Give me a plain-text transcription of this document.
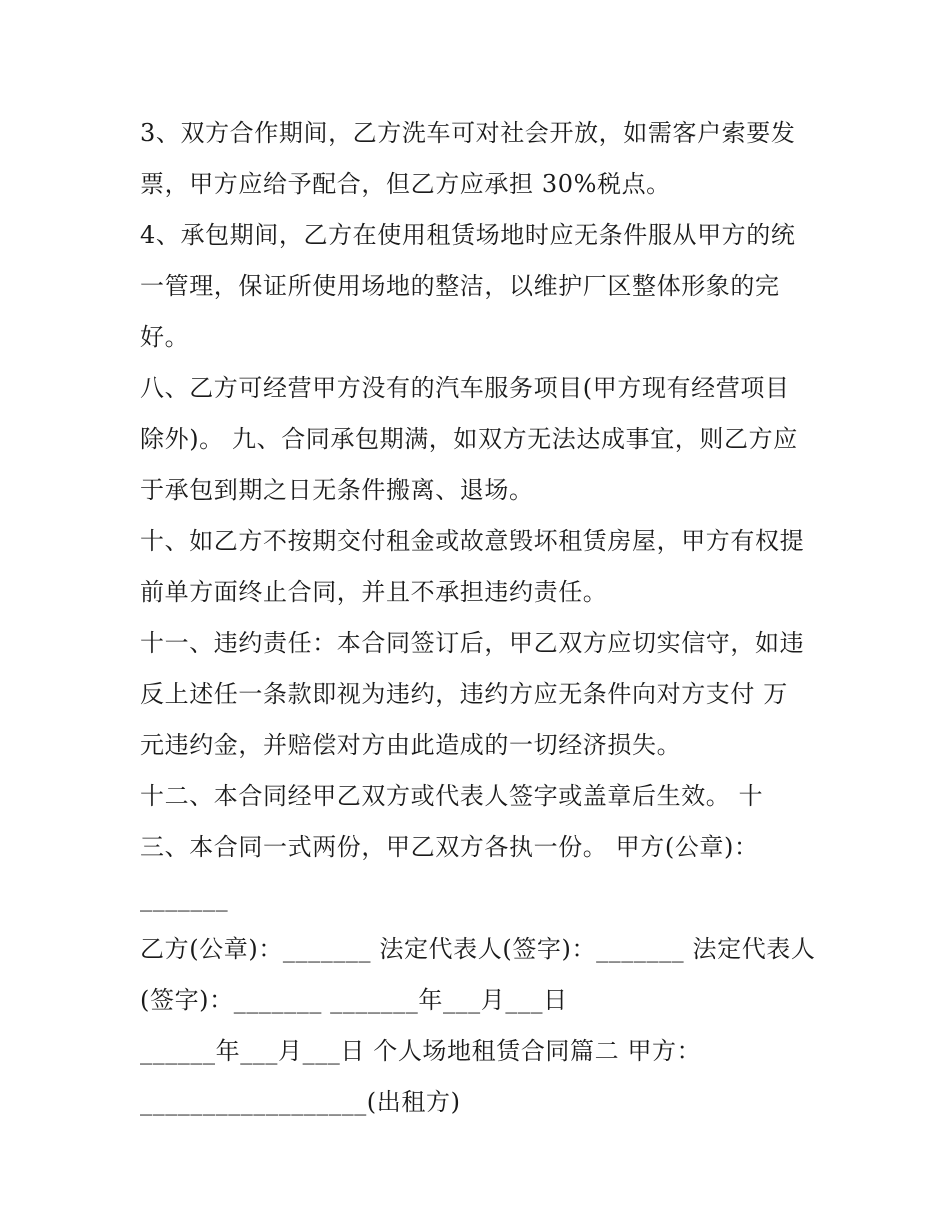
3、双方合作期间，乙方洗车可对社会开放，如需客户索要发
票，甲方应给予配合，但乙方应承担 30%税点。
4、承包期间，乙方在使用租赁场地时应无条件服从甲方的统
一管理，保证所使用场地的整洁，以维护厂区整体形象的完
好。
八、乙方可经营甲方没有的汽车服务项目(甲方现有经营项目
除外)。 九、合同承包期满，如双方无法达成事宜，则乙方应
于承包到期之日无条件搬离、退场。
十、如乙方不按期交付租金或故意毁坏租赁房屋，甲方有权提
前单方面终止合同，并且不承担违约责任。
十一、违约责任：本合同签订后，甲乙双方应切实信守，如违
反上述任一条款即视为违约，违约方应无条件向对方支付 万
元违约金，并赔偿对方由此造成的一切经济损失。
十二、本合同经甲乙双方或代表人签字或盖章后生效。 十
三、本合同一式两份，甲乙双方各执一份。 甲方(公章)：
_______
乙方(公章)：_______ 法定代表人(签字)：_______ 法定代表人
(签字)：_______ _______年___月___日
______年___月___日 个人场地租赁合同篇二 甲方：
__________________(出租方)
